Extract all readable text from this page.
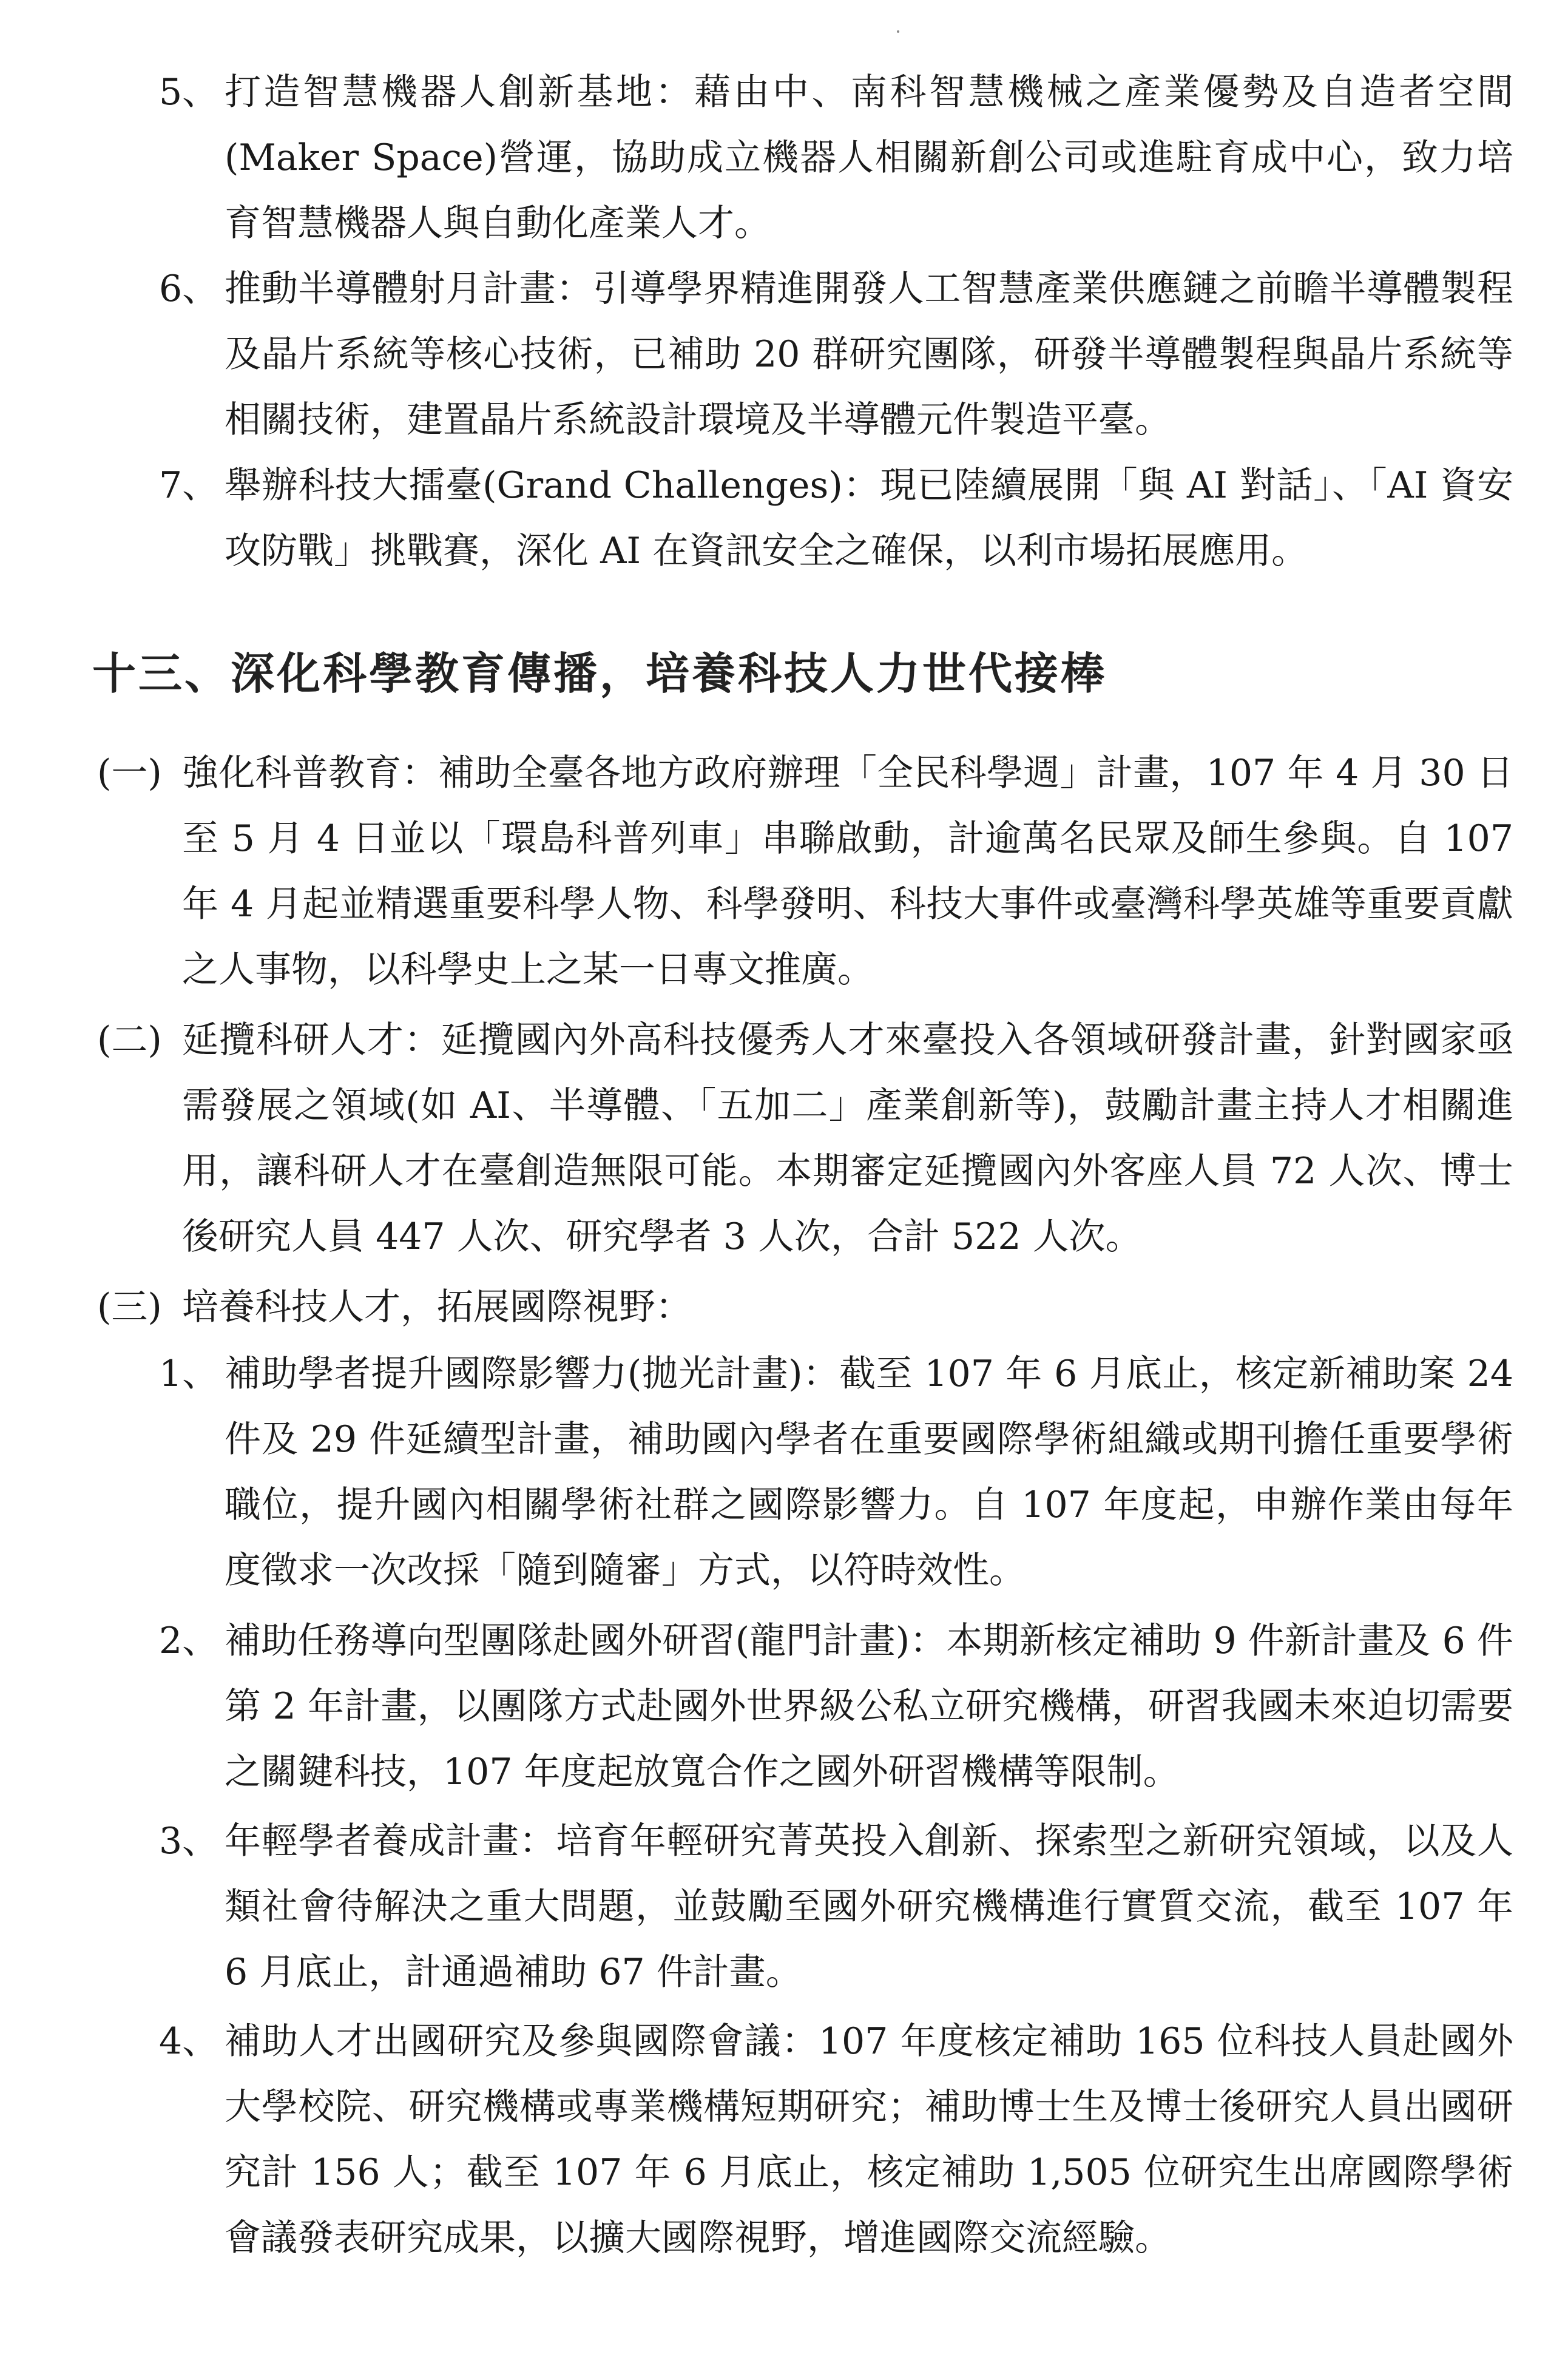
5、 打造智慧機器人創新基地：藉由中、南科智慧機械之產業優勢及自造者空間(Maker Space)營運，協助成立機器人相關新創公司或進駐育成中心，致力培育智慧機器人與自動化產業人才。
6、 推動半導體射月計畫：引導學界精進開發人工智慧產業供應鏈之前瞻半導體製程及晶片系統等核心技術，已補助 20 群研究團隊，研發半導體製程與晶片系統等相關技術，建置晶片系統設計環境及半導體元件製造平臺。
7、 舉辦科技大擂臺(Grand Challenges)：現已陸續展開「與 AI 對話」、「AI 資安攻防戰」挑戰賽，深化 AI 在資訊安全之確保，以利市場拓展應用。
十三、深化科學教育傳播，培養科技人力世代接棒
(一) 強化科普教育：補助全臺各地方政府辦理「全民科學週」計畫，107 年 4 月 30 日至 5 月 4 日並以「環島科普列車」串聯啟動，計逾萬名民眾及師生參與。自 107 年 4 月起並精選重要科學人物、科學發明、科技大事件或臺灣科學英雄等重要貢獻之人事物，以科學史上之某一日專文推廣。
(二) 延攬科研人才：延攬國內外高科技優秀人才來臺投入各領域研發計畫，針對國家亟需發展之領域(如 AI、半導體、「五加二」產業創新等)，鼓勵計畫主持人才相關進用，讓科研人才在臺創造無限可能。本期審定延攬國內外客座人員 72 人次、博士後研究人員 447 人次、研究學者 3 人次，合計 522 人次。
(三) 培養科技人才，拓展國際視野：
1、 補助學者提升國際影響力(拋光計畫)：截至 107 年 6 月底止，核定新補助案 24 件及 29 件延續型計畫，補助國內學者在重要國際學術組織或期刊擔任重要學術職位，提升國內相關學術社群之國際影響力。自 107 年度起，申辦作業由每年度徵求一次改採「隨到隨審」方式，以符時效性。
2、 補助任務導向型團隊赴國外研習(龍門計畫)：本期新核定補助 9 件新計畫及 6 件第 2 年計畫，以團隊方式赴國外世界級公私立研究機構，研習我國未來迫切需要之關鍵科技，107 年度起放寬合作之國外研習機構等限制。
3、 年輕學者養成計畫：培育年輕研究菁英投入創新、探索型之新研究領域，以及人類社會待解決之重大問題，並鼓勵至國外研究機構進行實質交流，截至 107 年 6 月底止，計通過補助 67 件計畫。
4、 補助人才出國研究及參與國際會議：107 年度核定補助 165 位科技人員赴國外大學校院、研究機構或專業機構短期研究；補助博士生及博士後研究人員出國研究計 156 人；截至 107 年 6 月底止，核定補助 1,505 位研究生出席國際學術會議發表研究成果，以擴大國際視野，增進國際交流經驗。
